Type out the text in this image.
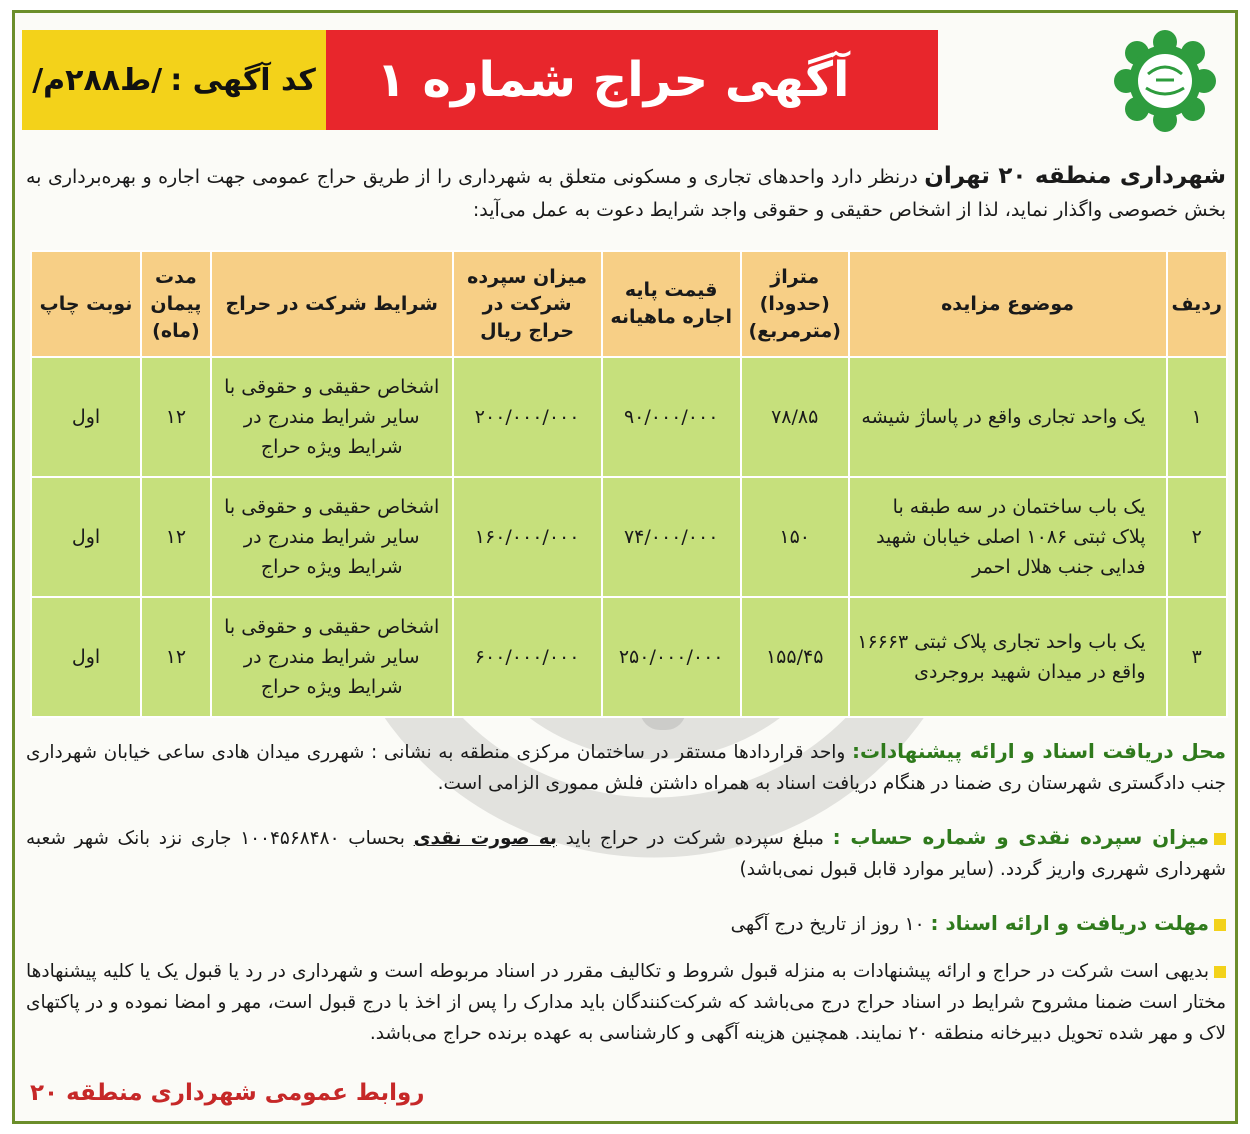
آگهی حراج شماره ۱
کد آگهی :
/ط۲۸۸م/
شهرداری منطقه ۲۰ تهران درنظر دارد واحدهای تجاری و مسکونی متعلق به شهرداری را از طریق حراج عمومی جهت اجاره و بهره‌برداری به بخش خصوصی واگذار نماید، لذا از اشخاص حقیقی و حقوقی واجد شرایط دعوت به عمل می‌آید:
ردیف	موضوع مزایده	متراژ (حدودا) (مترمربع)	قیمت پایه اجاره ماهیانه	میزان سپرده شرکت در حراج ریال	شرایط شرکت در حراج	مدت پیمان (ماه)	نوبت چاپ
۱	یک واحد تجاری واقع در پاساژ شیشه	۷۸/۸۵	۹۰/۰۰۰/۰۰۰	۲۰۰/۰۰۰/۰۰۰	اشخاص حقیقی و حقوقی با سایر شرایط مندرج در شرایط ویژه حراج	۱۲	اول
۲	یک باب ساختمان در سه طبقه با پلاک ثبتی ۱۰۸۶ اصلی خیابان شهید فدایی جنب هلال احمر	۱۵۰	۷۴/۰۰۰/۰۰۰	۱۶۰/۰۰۰/۰۰۰	اشخاص حقیقی و حقوقی با سایر شرایط مندرج در شرایط ویژه حراج	۱۲	اول
۳	یک باب واحد تجاری پلاک ثبتی ۱۶۶۶۳ واقع در میدان شهید بروجردی	۱۵۵/۴۵	۲۵۰/۰۰۰/۰۰۰	۶۰۰/۰۰۰/۰۰۰	اشخاص حقیقی و حقوقی با سایر شرایط مندرج در شرایط ویژه حراج	۱۲	اول
محل دریافت اسناد و ارائه پیشنهادات: واحد قراردادها مستقر در ساختمان مرکزی منطقه به نشانی : شهرری میدان هادی ساعی خیابان شهرداری جنب دادگستری شهرستان ری ضمنا در هنگام دریافت اسناد به همراه داشتن فلش مموری الزامی است.
میزان سپرده نقدی و شماره حساب : مبلغ سپرده شرکت در حراج باید به صورت نقدی بحساب ۱۰۰۴۵۶۸۴۸۰ جاری نزد بانک شهر شعبه شهرداری شهرری واریز گردد. (سایر موارد قابل قبول نمی‌باشد)
مهلت دریافت و ارائه اسناد : ۱۰ روز از تاریخ درج آگهی
بدیهی است شرکت در حراج و ارائه پیشنهادات به منزله قبول شروط و تکالیف مقرر در اسناد مربوطه است و شهرداری در رد یا قبول یک یا کلیه پیشنهادها مختار است ضمنا مشروح شرایط در اسناد حراج درج می‌باشد که شرکت‌کنندگان باید مدارک را پس از اخذ با درج قبول است، مهر و امضا نموده و در پاکتهای لاک و مهر شده تحویل دبیرخانه منطقه ۲۰ نمایند. همچنین هزینه آگهی و کارشناسی به عهده برنده حراج می‌باشد.
روابط عمومی شهرداری منطقه ۲۰
